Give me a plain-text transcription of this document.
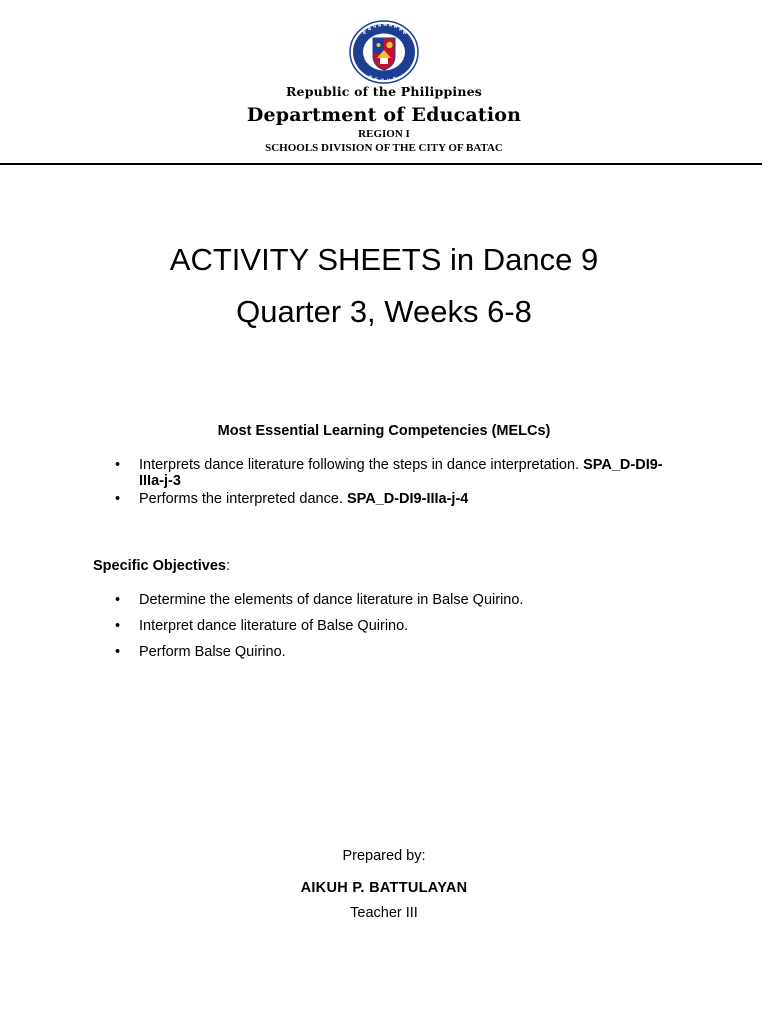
K
A G A W A R A
N
R E P U B
Republic of the Philippines
Department of Education
REGION I
SCHOOLS DIVISION OF THE CITY OF BATAC
ACTIVITY SHEETS in Dance 9
Quarter 3, Weeks 6-8
Most Essential Learning Competencies (MELCs)
• Interprets dance literature following the steps in dance interpretation. SPA_D-DI9-IIIa-j-3
• Performs the interpreted dance. SPA_D-DI9-IIIa-j-4
Specific Objectives:
• Determine the elements of dance literature in Balse Quirino.
• Interpret dance literature of Balse Quirino.
• Perform Balse Quirino.
Prepared by:
AIKUH P. BATTULAYAN
Teacher III
